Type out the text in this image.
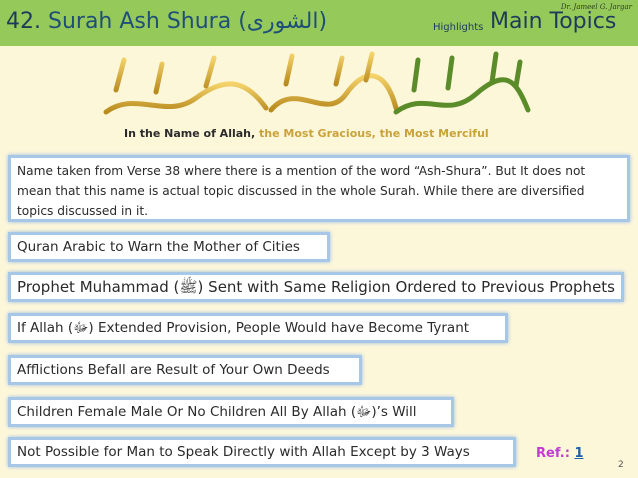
42. Surah Ash Shura (الشورى)
Dr. Jameel G. Jargar
Highlights Main Topics
In the Name of Allah, the Most Gracious, the Most Merciful
Name taken from Verse 38 where there is a mention of the word “Ash-Shura”. But It does not
mean that this name is actual topic discussed in the whole Surah. While there are diversified
topics discussed in it.
Quran Arabic to Warn the Mother of Cities
Prophet Muhammad (ﷺ) Sent with Same Religion Ordered to Previous Prophets
If Allah (ﷻ) Extended Provision, People Would have Become Tyrant
Afflictions Befall are Result of Your Own Deeds
Children Female Male Or No Children All By Allah (ﷻ)’s Will
Not Possible for Man to Speak Directly with Allah Except by 3 Ways	Ref.: 1
2
